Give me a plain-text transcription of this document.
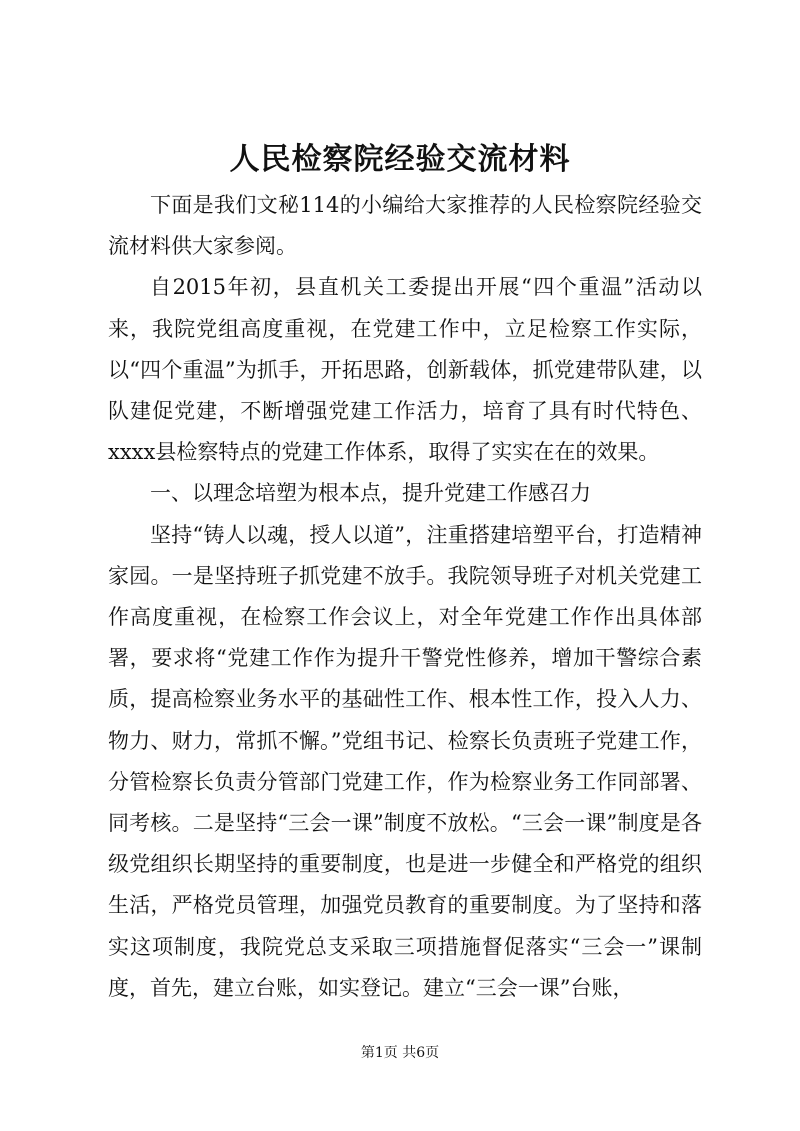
人民检察院经验交流材料

下面是我们文秘114的小编给大家推荐的人民检察院经验交流材料供大家参阅。

自2015年初，县直机关工委提出开展“四个重温”活动以来，我院党组高度重视，在党建工作中，立足检察工作实际，以“四个重温”为抓手，开拓思路，创新载体，抓党建带队建，以队建促党建，不断增强党建工作活力，培育了具有时代特色、xxxx县检察特点的党建工作体系，取得了实实在在的效果。

一、以理念培塑为根本点，提升党建工作感召力

坚持“铸人以魂，授人以道”，注重搭建培塑平台，打造精神家园。一是坚持班子抓党建不放手。我院领导班子对机关党建工作高度重视，在检察工作会议上，对全年党建工作作出具体部署，要求将“党建工作作为提升干警党性修养，增加干警综合素质，提高检察业务水平的基础性工作、根本性工作，投入人力、物力、财力，常抓不懈。”党组书记、检察长负责班子党建工作，分管检察长负责分管部门党建工作，作为检察业务工作同部署、同考核。二是坚持“三会一课”制度不放松。“三会一课”制度是各级党组织长期坚持的重要制度，也是进一步健全和严格党的组织生活，严格党员管理，加强党员教育的重要制度。为了坚持和落实这项制度，我院党总支采取三项措施督促落实“三会一”课制度，首先，建立台账，如实登记。建立“三会一课”台账，

第1页 共6页
